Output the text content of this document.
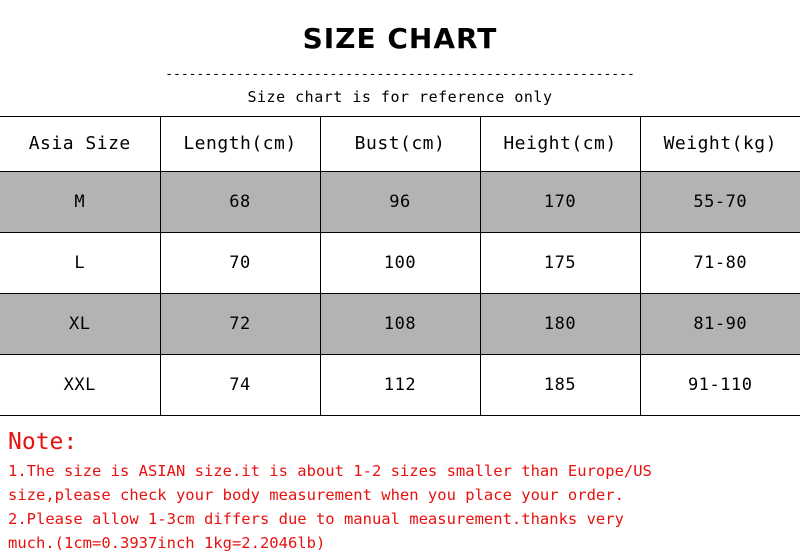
SIZE CHART
------------------------------------------------------------
Size chart is for reference only
Asia Size	Length(cm)	Bust(cm)	Height(cm)	Weight(kg)
M	68	96	170	55-70
L	70	100	175	71-80
XL	72	108	180	81-90
XXL	74	112	185	91-110
Note:
1.The size is ASIAN size.it is about 1-2 sizes smaller than Europe/US
size,please check your body measurement when you place your order.
2.Please allow 1-3cm differs due to manual measurement.thanks very
much.(1cm=0.3937inch 1kg=2.2046lb)
